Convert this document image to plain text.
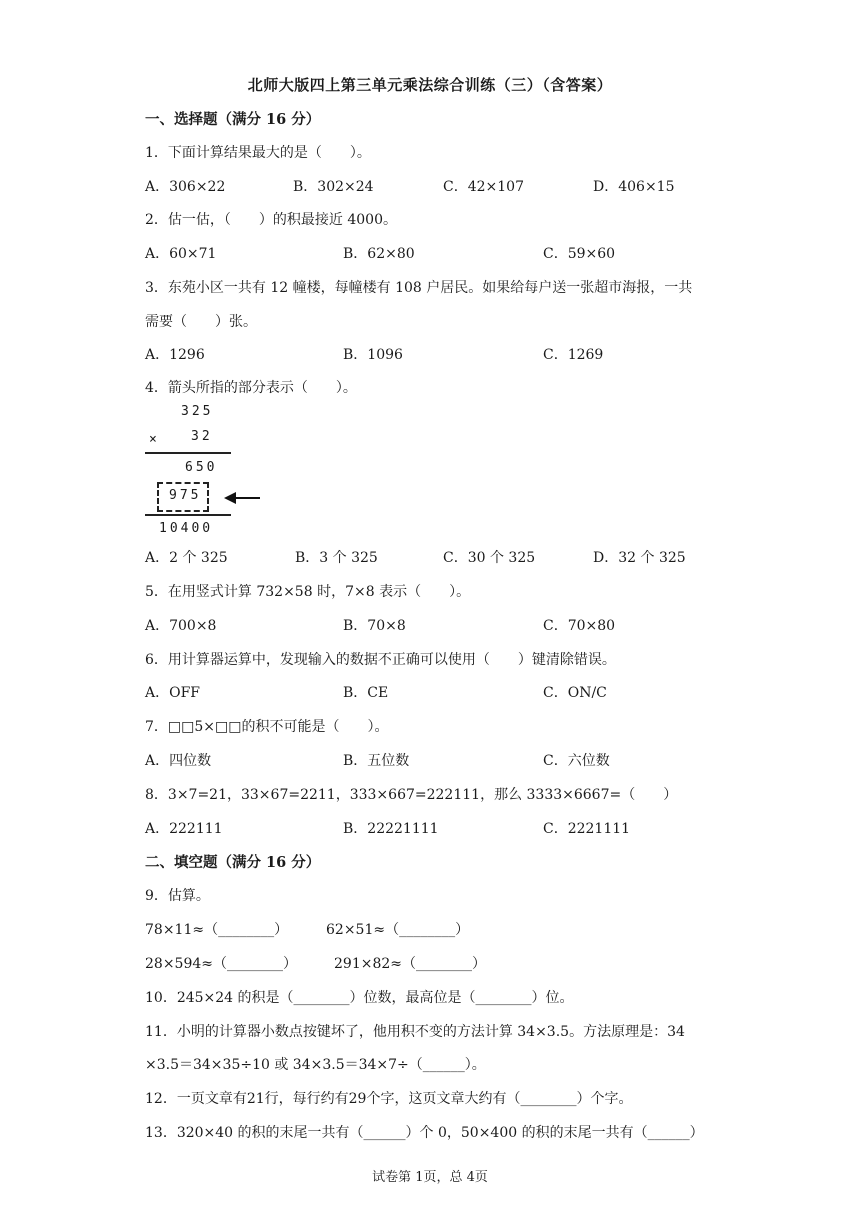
北师大版四上第三单元乘法综合训练（三）（含答案）
一、选择题（满分 16 分）
1．下面计算结果最大的是（　　）。
A．306×22	B．302×24	C．42×107	D．406×15
2．估一估，（　　）的积最接近 4000。
A．60×71	B．62×80	C．59×60
3．东苑小区一共有 12 幢楼，每幢楼有 108 户居民。如果给每户送一张超市海报，一共
需要（　　）张。
A．1296	B．1096	C．1269
4．箭头所指的部分表示（　　）。
325
× 32
650
975
10400
A．2 个 325	B．3 个 325	C．30 个 325	D．32 个 325
5．在用竖式计算 732×58 时，7×8 表示（　　）。
A．700×8	B．70×8	C．70×80
6．用计算器运算中，发现输入的数据不正确可以使用（　　）键清除错误。
A．OFF	B．CE	C．ON/C
7．□□5×□□的积不可能是（　　）。
A．四位数	B．五位数	C．六位数
8．3×7=21，33×67=2211，333×667=222111，那么 3333×6667=（　　）
A．222111	B．22221111	C．2221111
二、填空题（满分 16 分）
9．估算。
78×11≈（________）	62×51≈（________）
28×594≈（________）	291×82≈（________）
10．245×24 的积是（________）位数，最高位是（________）位。
11．小明的计算器小数点按键坏了，他用积不变的方法计算 34×3.5。方法原理是：34
×3.5＝34×35÷10 或 34×3.5＝34×7÷（______）。
12．一页文章有21行，每行约有29个字，这页文章大约有（________）个字。
13．320×40 的积的末尾一共有（______）个 0，50×400 的积的末尾一共有（______）
试卷第 1页，总 4页
